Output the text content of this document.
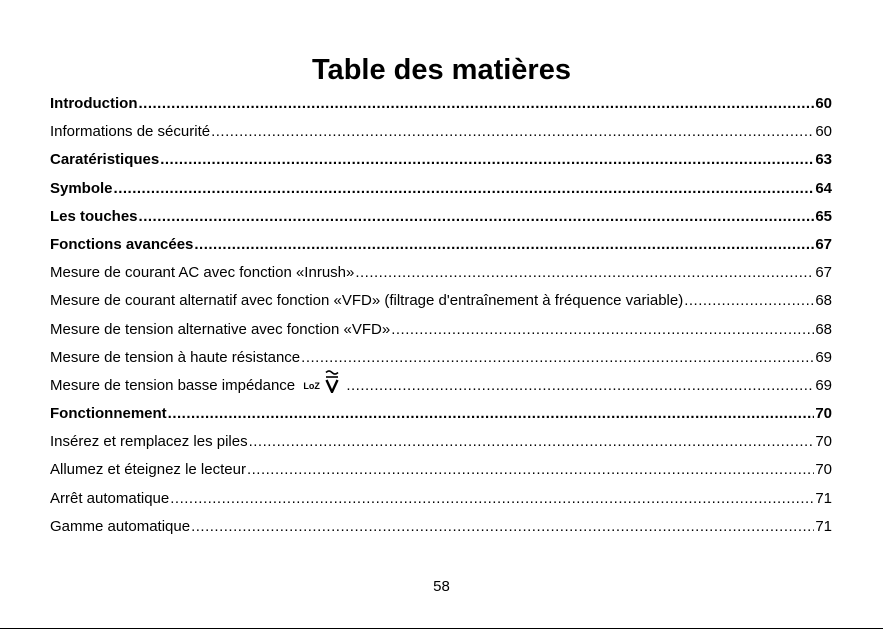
Table des matières
Introduction .....	60
Informations de sécurité .....	60
Caratéristiques .....	63
Symbole .....	64
Les touches .....	65
Fonctions avancées .....	67
Mesure de courant AC avec fonction «Inrush» .....	67
Mesure de courant alternatif avec fonction «VFD» (filtrage d'entraînement à fréquence variable) .....	68
Mesure de tension alternative avec fonction «VFD» .....	68
Mesure de tension à haute résistance .....	69
Mesure de tension basse impédance LoZ .....	69
Fonctionnement .....	70
Insérez et remplacez les piles .....	70
Allumez et éteignez le lecteur .....	70
Arrêt automatique .....	71
Gamme automatique .....	71
58
